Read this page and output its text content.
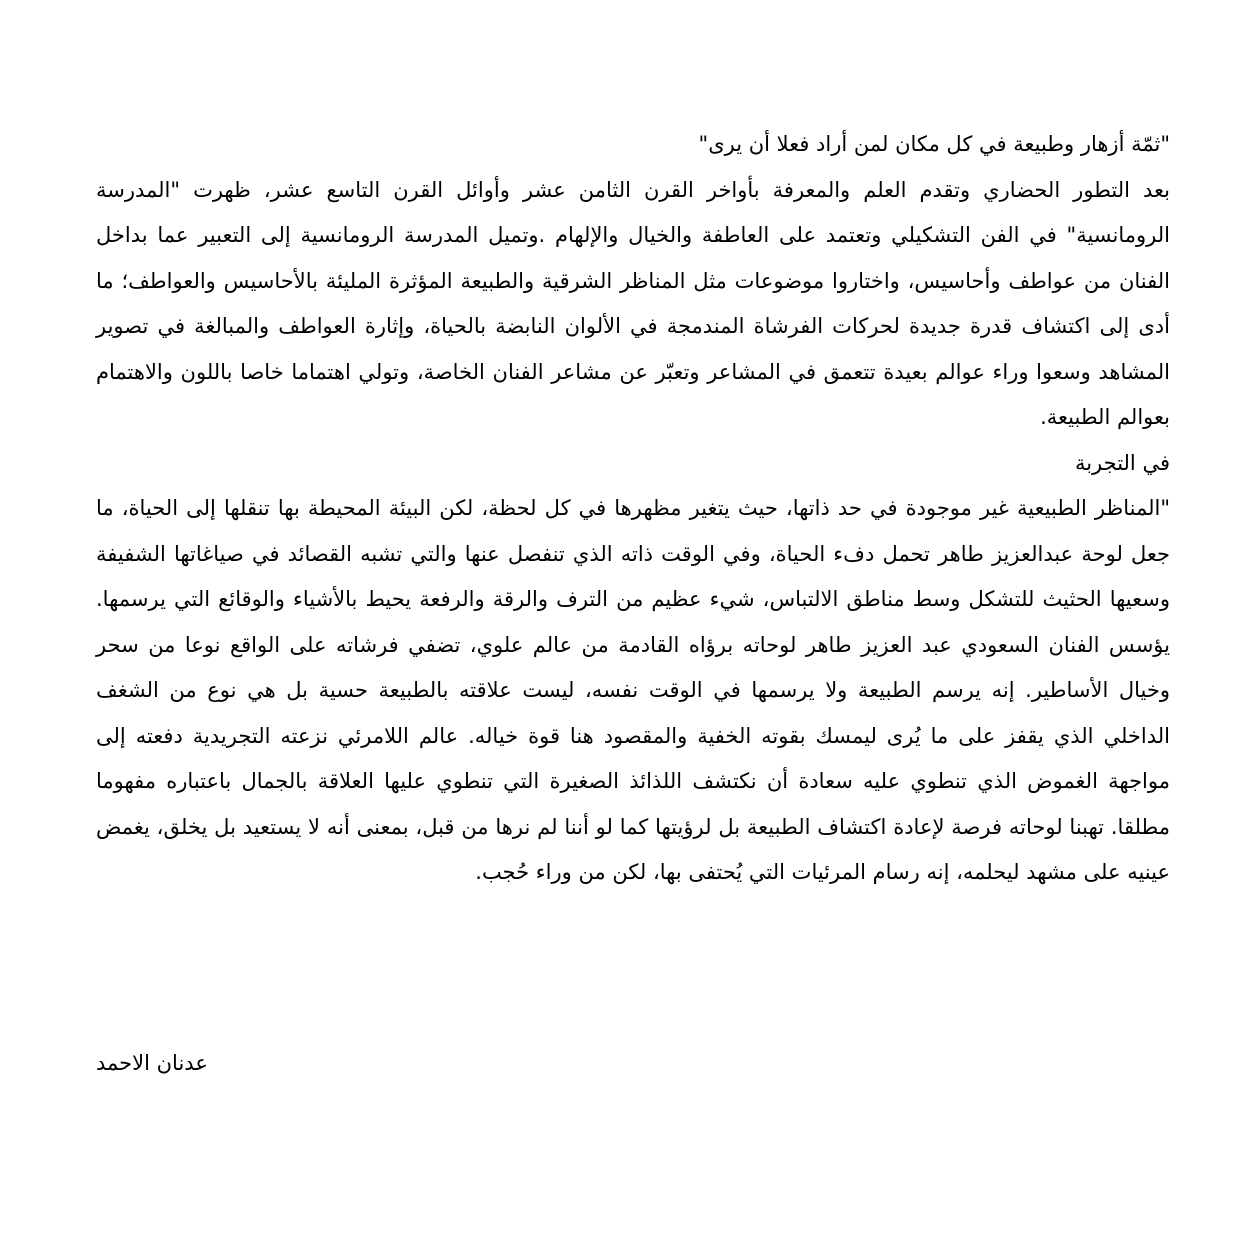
"ثمّة أزهار وطبيعة في كل مكان لمن أراد فعلا أن يرى"

بعد التطور الحضاري وتقدم العلم والمعرفة بأواخر القرن الثامن عشر وأوائل القرن التاسع عشر، ظهرت "المدرسة الرومانسية" في الفن التشكيلي وتعتمد على العاطفة والخيال والإلهام .وتميل المدرسة الرومانسية إلى التعبير عما بداخل الفنان من عواطف وأحاسيس، واختاروا موضوعات مثل المناظر الشرقية والطبيعة المؤثرة المليئة بالأحاسيس والعواطف؛ ما أدى إلى اكتشاف قدرة جديدة لحركات الفرشاة المندمجة في الألوان النابضة بالحياة، وإثارة العواطف والمبالغة في تصوير المشاهد وسعوا وراء عوالم بعيدة تتعمق في المشاعر وتعبّر عن مشاعر الفنان الخاصة، وتولي اهتماما خاصا باللون والاهتمام بعوالم الطبيعة.

في التجربة

"المناظر الطبيعية غير موجودة في حد ذاتها، حيث يتغير مظهرها في كل لحظة، لكن البيئة المحيطة بها تنقلها إلى الحياة، ما جعل لوحة عبدالعزيز طاهر تحمل دفء الحياة، وفي الوقت ذاته الذي تنفصل عنها والتي تشبه القصائد في صياغاتها الشفيفة وسعيها الحثيث للتشكل وسط مناطق الالتباس، شيء عظيم من الترف والرقة والرفعة يحيط بالأشياء والوقائع التي يرسمها. يؤسس الفنان السعودي عبد العزيز طاهر لوحاته برؤاه القادمة من عالم علوي، تضفي فرشاته على الواقع نوعا من سحر وخيال الأساطير. إنه يرسم الطبيعة ولا يرسمها في الوقت نفسه، ليست علاقته بالطبيعة حسية بل هي نوع من الشغف الداخلي الذي يقفز على ما يُرى ليمسك بقوته الخفية والمقصود هنا قوة خياله. عالم اللامرئي نزعته التجريدية دفعته إلى مواجهة الغموض الذي تنطوي عليه سعادة أن نكتشف اللذائذ الصغيرة التي تنطوي عليها العلاقة بالجمال باعتباره مفهوما مطلقا. تهبنا لوحاته فرصة لإعادة اكتشاف الطبيعة بل لرؤيتها كما لو أننا لم نرها من قبل، بمعنى أنه لا يستعيد بل يخلق، يغمض عينيه على مشهد ليحلمه، إنه رسام المرئيات التي يُحتفى بها، لكن من وراء حُجب.

عدنان الاحمد
